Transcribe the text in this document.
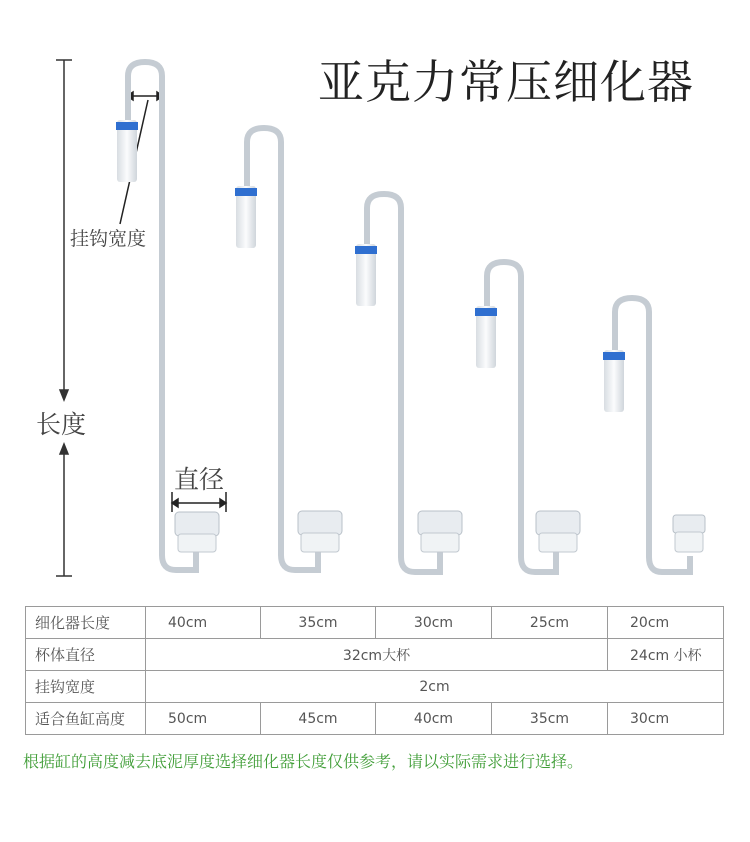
亚克力常压细化器
挂钩宽度
长度
直径
细化器长度	40cm	35cm	30cm	25cm	20cm
杯体直径	32cm大杯				24cm 小杯
挂钩宽度	2cm				
适合鱼缸高度	50cm	45cm	40cm	35cm	30cm
根据缸的高度减去底泥厚度选择细化器长度仅供参考，请以实际需求进行选择。
